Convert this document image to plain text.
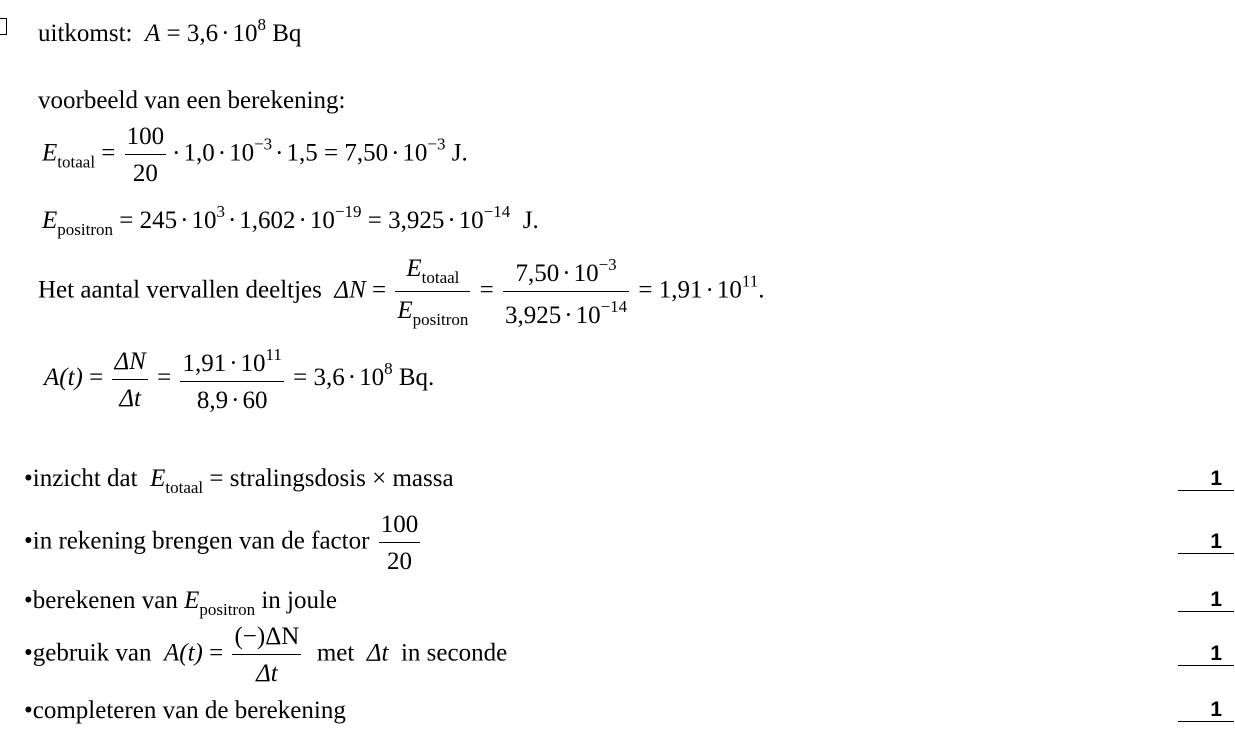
uitkomst: $A = 3,6 \cdot 10^8$ Bq
voorbeeld van een berekening:
$E_{totaal} = \frac{100}{20} \cdot 1,0 \cdot 10^{-3} \cdot 1,5 = 7,50 \cdot 10^{-3}$ J.
$E_{positron} = 245 \cdot 10^3 \cdot 1,602 \cdot 10^{-19} = 3,925 \cdot 10^{-14}$ J.
Het aantal vervallen deeltjes $\Delta N = \frac{E_{totaal}}{E_{positron}} = \frac{7,50 \cdot 10^{-3}}{3,925 \cdot 10^{-14}} = 1,91 \cdot 10^{11}$.
$A(t) = \frac{\Delta N}{\Delta t} = \frac{1,91 \cdot 10^{11}}{8,9 \cdot 60} = 3,6 \cdot 10^8$ Bq.
•inzicht dat $E_{totaal}$ = stralingsdosis × massa	1
•in rekening brengen van de factor $\frac{100}{20}$	1
•berekenen van $E_{positron}$ in joule	1
•gebruik van $A(t) = \frac{(-)\Delta N}{\Delta t}$ met Δt in seconde	1
•completeren van de berekening	1
